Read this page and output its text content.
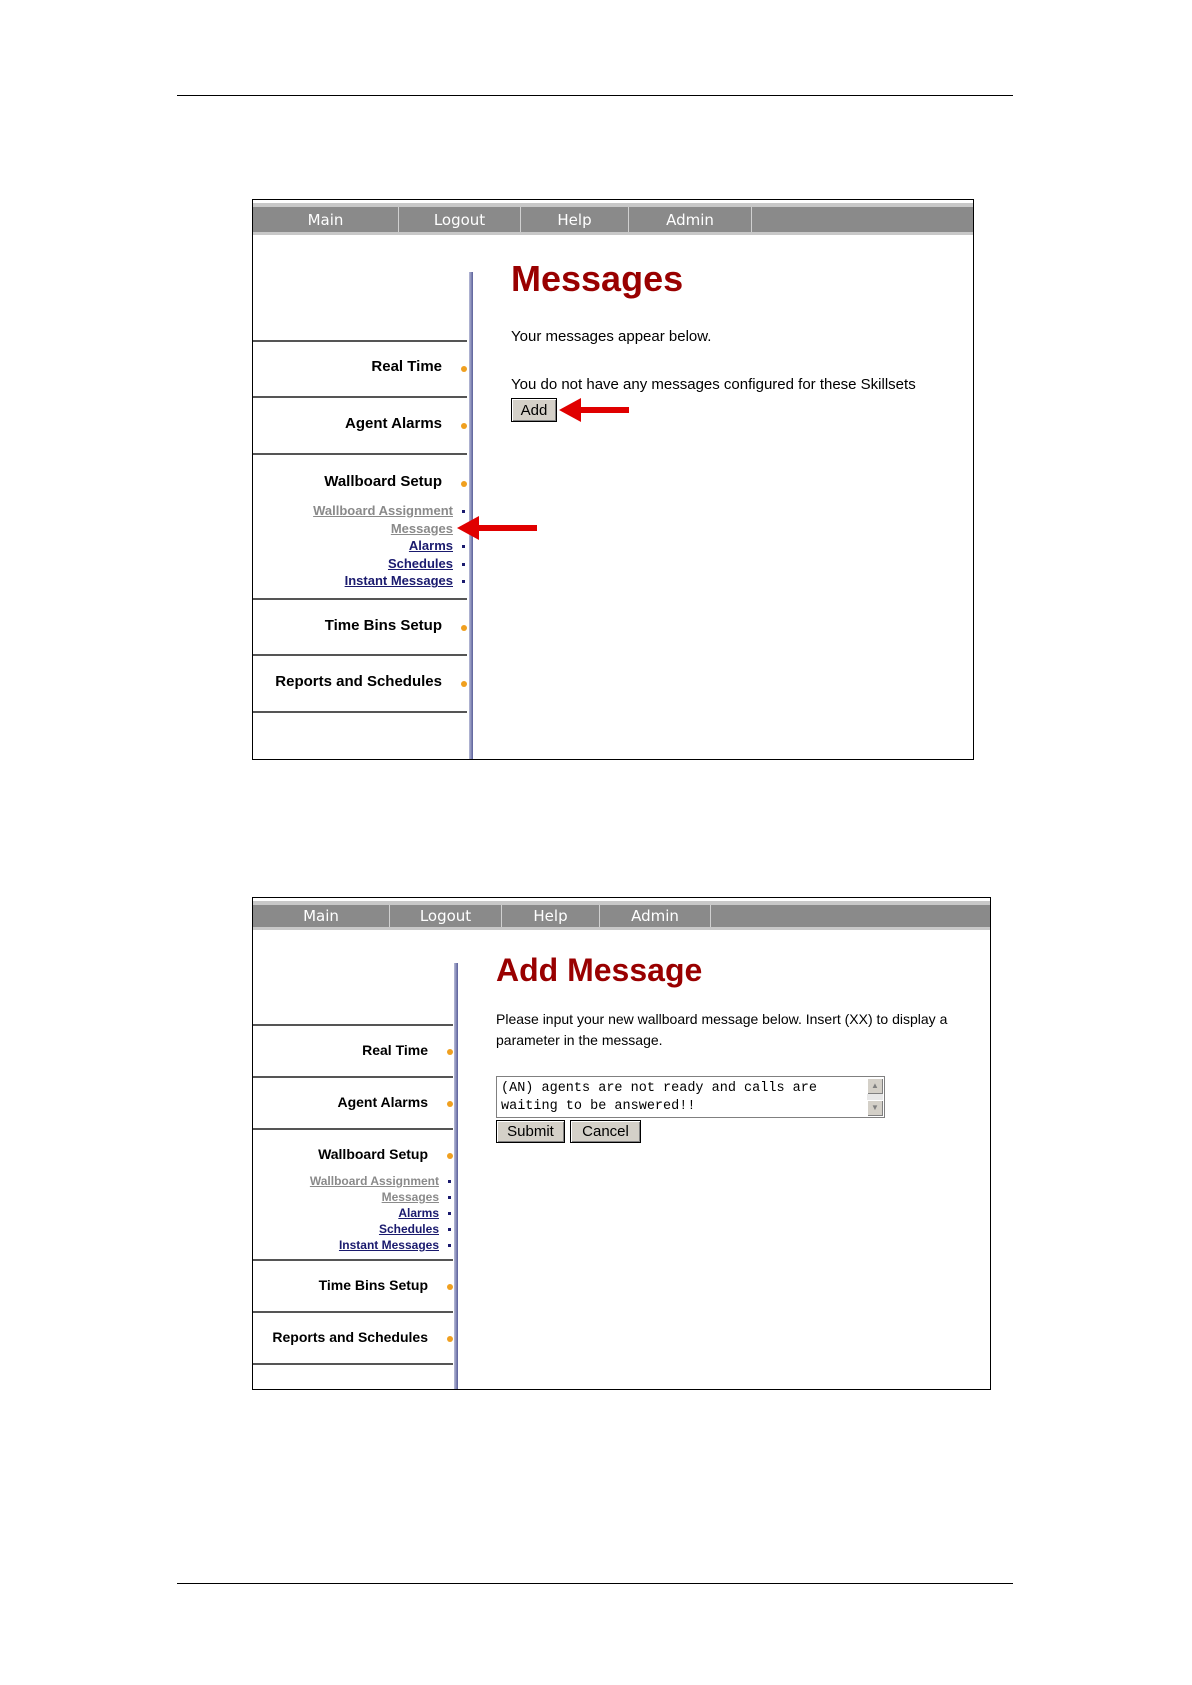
Main	Logout	Help	Admin
Real Time
Agent Alarms
Wallboard Setup
Wallboard Assignment
Messages
Alarms
Schedules
Instant Messages
Time Bins Setup
Reports and Schedules
Messages

Your messages appear below.

You do not have any messages configured for these Skillsets

Add
Main	Logout	Help	Admin
Real Time
Agent Alarms
Wallboard Setup
Wallboard Assignment
Messages
Alarms
Schedules
Instant Messages
Time Bins Setup
Reports and Schedules
Add Message

Please input your new wallboard message below. Insert (XX) to display a parameter in the message.

(AN) agents are not ready and calls are waiting to be answered!!

▲
▼
Submit	Cancel
